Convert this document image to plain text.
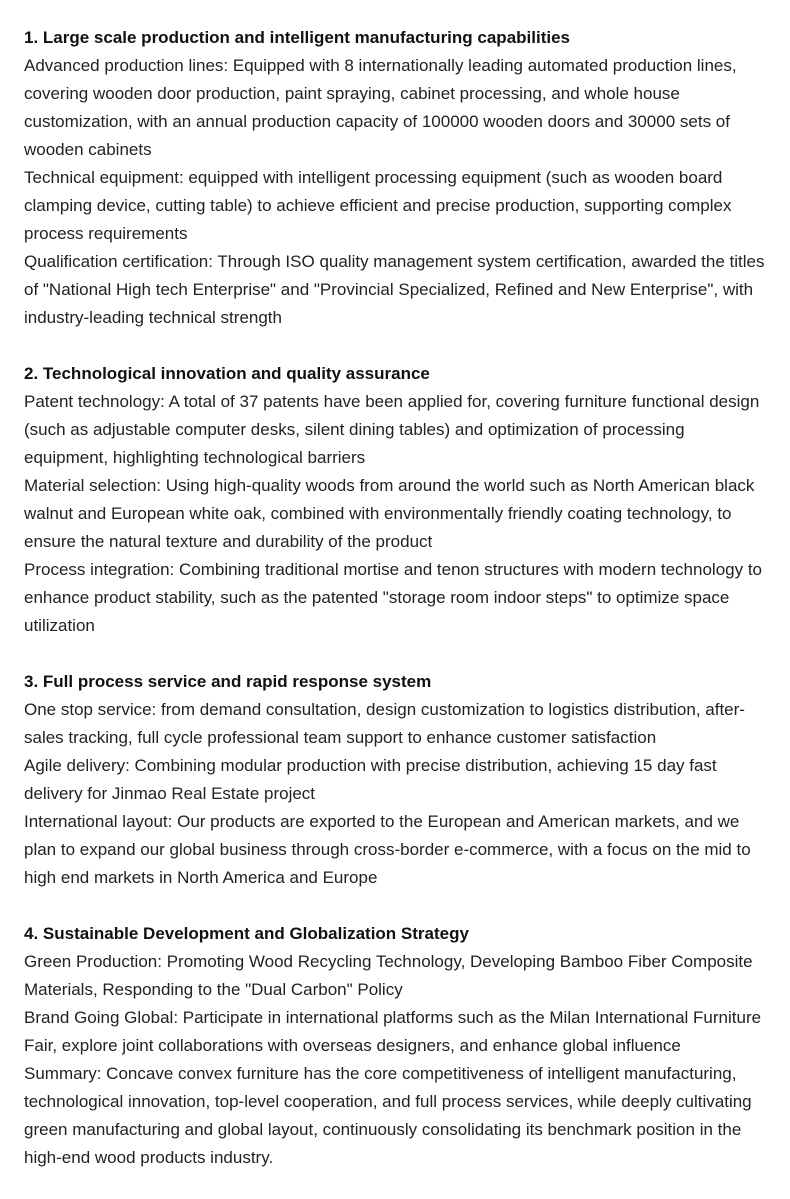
1. Large scale production and intelligent manufacturing capabilities

Advanced production lines: Equipped with 8 internationally leading automated production lines, covering wooden door production, paint spraying, cabinet processing, and whole house customization, with an annual production capacity of 100000 wooden doors and 30000 sets of wooden cabinets

Technical equipment: equipped with intelligent processing equipment (such as wooden board clamping device, cutting table) to achieve efficient and precise production, supporting complex process requirements

Qualification certification: Through ISO quality management system certification, awarded the titles of "National High tech Enterprise" and "Provincial Specialized, Refined and New Enterprise", with industry-leading technical strength

2. Technological innovation and quality assurance

Patent technology: A total of 37 patents have been applied for, covering furniture functional design (such as adjustable computer desks, silent dining tables) and optimization of processing equipment, highlighting technological barriers

Material selection: Using high-quality woods from around the world such as North American black walnut and European white oak, combined with environmentally friendly coating technology, to ensure the natural texture and durability of the product

Process integration: Combining traditional mortise and tenon structures with modern technology to enhance product stability, such as the patented "storage room indoor steps" to optimize space utilization

3. Full process service and rapid response system

One stop service: from demand consultation, design customization to logistics distribution, after-sales tracking, full cycle professional team support to enhance customer satisfaction

Agile delivery: Combining modular production with precise distribution, achieving 15 day fast delivery for Jinmao Real Estate project

International layout: Our products are exported to the European and American markets, and we plan to expand our global business through cross-border e-commerce, with a focus on the mid to high end markets in North America and Europe

4. Sustainable Development and Globalization Strategy

Green Production: Promoting Wood Recycling Technology, Developing Bamboo Fiber Composite Materials, Responding to the "Dual Carbon" Policy

Brand Going Global: Participate in international platforms such as the Milan International Furniture Fair, explore joint collaborations with overseas designers, and enhance global influence

Summary: Concave convex furniture has the core competitiveness of intelligent manufacturing, technological innovation, top-level cooperation, and full process services, while deeply cultivating green manufacturing and global layout, continuously consolidating its benchmark position in the high-end wood products industry.
